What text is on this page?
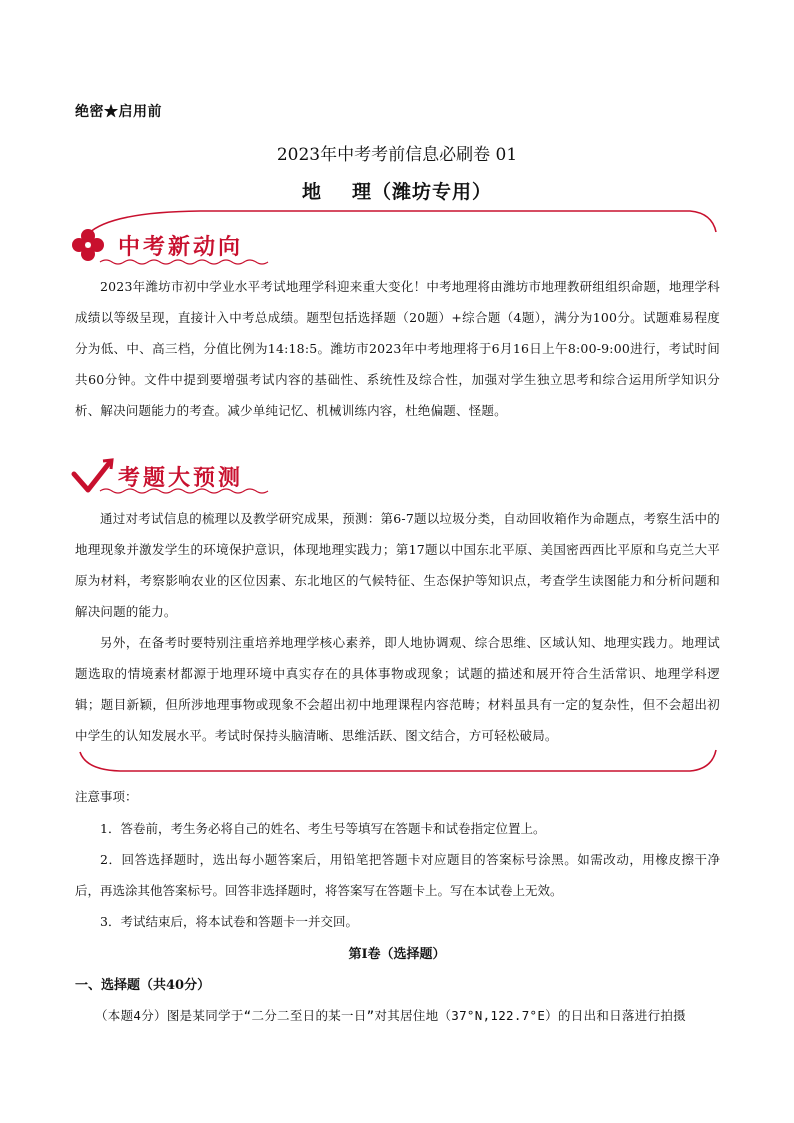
绝密★启用前
2023年中考考前信息必刷卷 01
地 理（潍坊专用）
中考新动向
2023年潍坊市初中学业水平考试地理学科迎来重大变化！中考地理将由潍坊市地理教研组组织命题，地理学科成绩以等级呈现，直接计入中考总成绩。题型包括选择题（20题）+综合题（4题），满分为100分。试题难易程度分为低、中、高三档，分值比例为14:18:5。潍坊市2023年中考地理将于6月16日上午8:00-9:00进行，考试时间共60分钟。文件中提到要增强考试内容的基础性、系统性及综合性，加强对学生独立思考和综合运用所学知识分析、解决问题能力的考查。减少单纯记忆、机械训练内容，杜绝偏题、怪题。
考题大预测
通过对考试信息的梳理以及教学研究成果，预测：第6-7题以垃圾分类，自动回收箱作为命题点，考察生活中的地理现象并激发学生的环境保护意识，体现地理实践力；第17题以中国东北平原、美国密西西比平原和乌克兰大平原为材料，考察影响农业的区位因素、东北地区的气候特征、生态保护等知识点，考查学生读图能力和分析问题和解决问题的能力。
另外，在备考时要特别注重培养地理学核心素养，即人地协调观、综合思维、区域认知、地理实践力。地理试题选取的情境素材都源于地理环境中真实存在的具体事物或现象；试题的描述和展开符合生活常识、地理学科逻辑；题目新颖，但所涉地理事物或现象不会超出初中地理课程内容范畴；材料虽具有一定的复杂性，但不会超出初中学生的认知发展水平。考试时保持头脑清晰、思维活跃、图文结合，方可轻松破局。
注意事项：
1．答卷前，考生务必将自己的姓名、考生号等填写在答题卡和试卷指定位置上。
2．回答选择题时，选出每小题答案后，用铅笔把答题卡对应题目的答案标号涂黑。如需改动，用橡皮擦干净后，再选涂其他答案标号。回答非选择题时，将答案写在答题卡上。写在本试卷上无效。
3．考试结束后，将本试卷和答题卡一并交回。
第I卷（选择题）
一、选择题（共40分）
（本题4分）图是某同学于“二分二至日的某一日”对其居住地（37°N,122.7°E）的日出和日落进行拍摄
